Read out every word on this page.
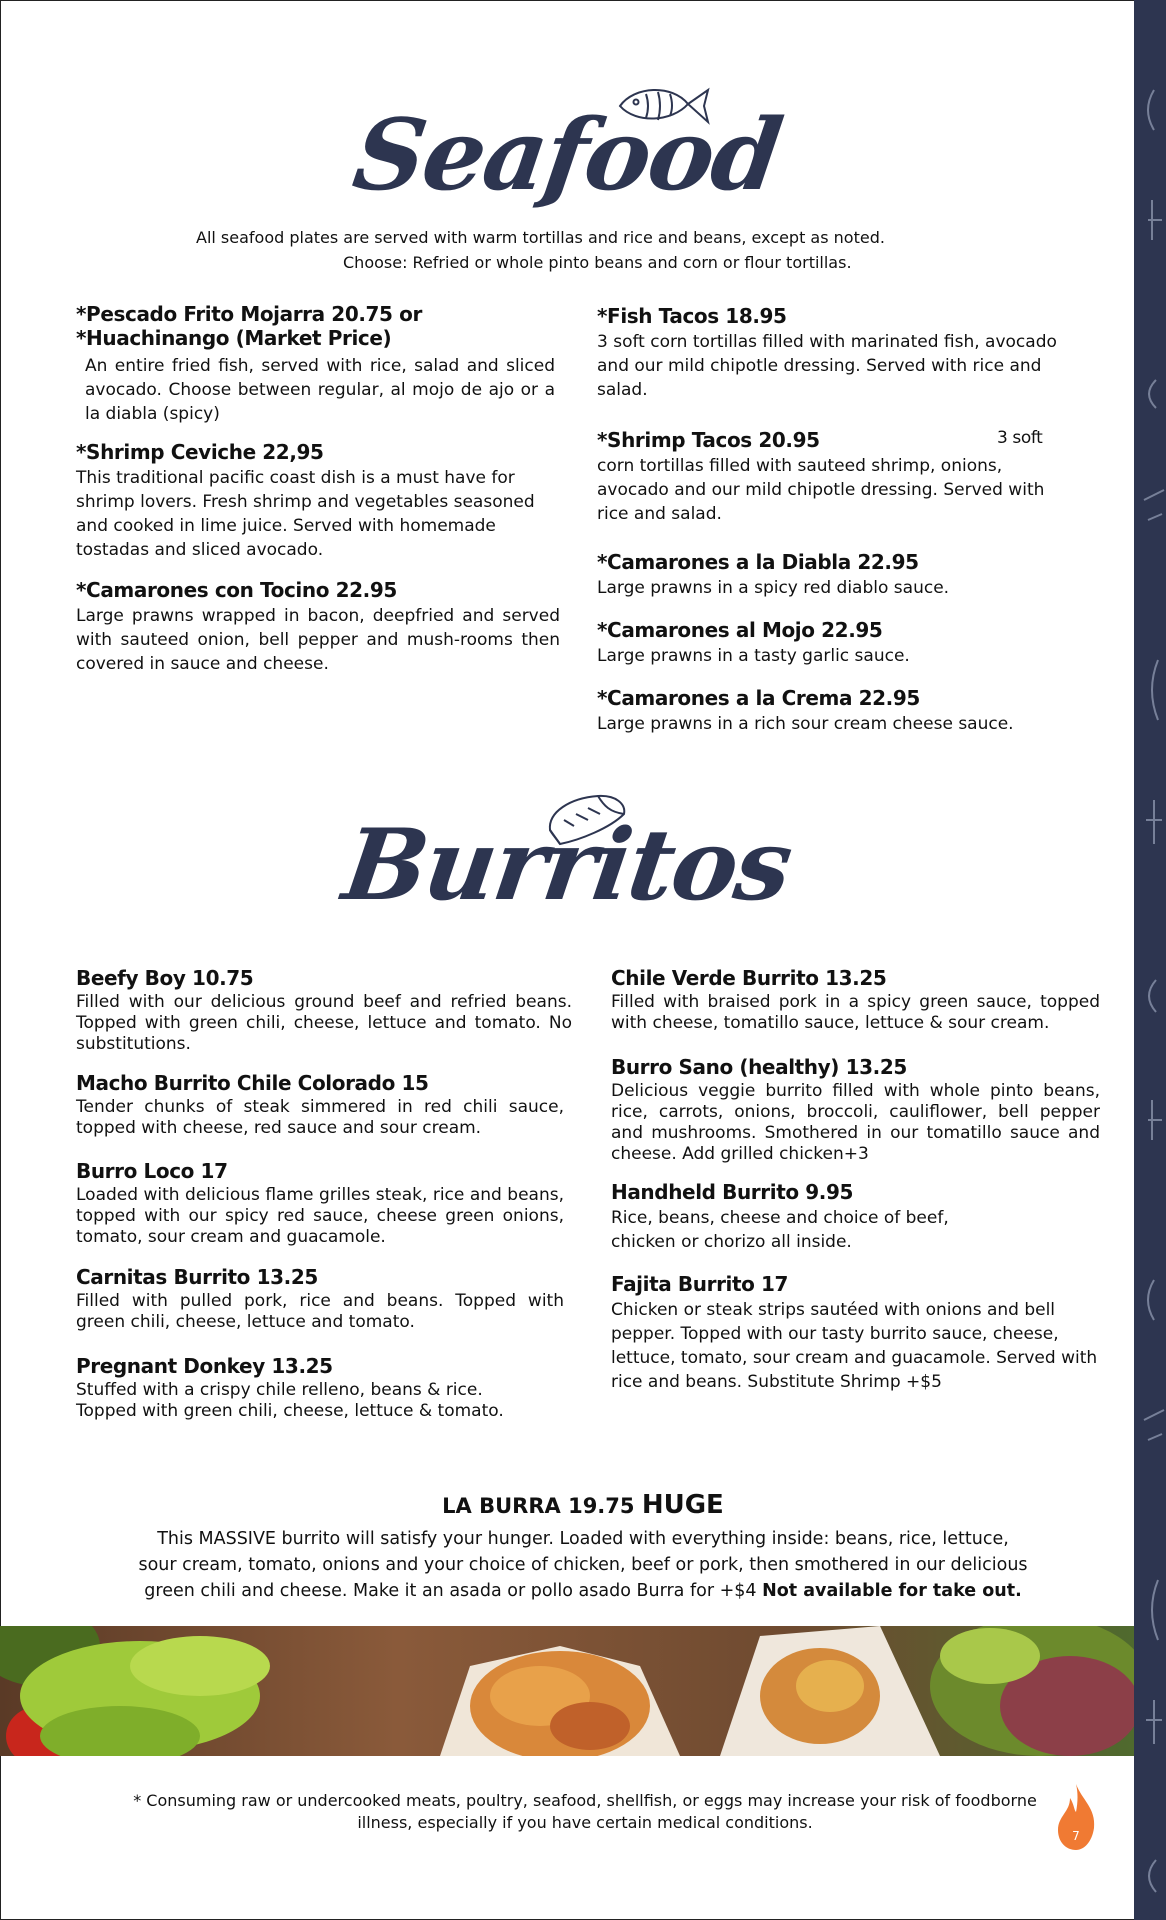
Seafood
All seafood plates are served with warm tortillas and rice and beans, except as noted.
Choose: Refried or whole pinto beans and corn or flour tortillas.
*Pescado Frito Mojarra 20.75 or
*Huachinango (Market Price)

An entire fried fish, served with rice, salad and sliced avocado. Choose between regular, al mojo de ajo or a la diabla (spicy)

*Shrimp Ceviche 22,95

This traditional pacific coast dish is a must have for shrimp lovers. Fresh shrimp and vegetables seasoned and cooked in lime juice. Served with homemade tostadas and sliced avocado.

*Camarones con Tocino 22.95

Large prawns wrapped in bacon, deepfried and served with sauteed onion, bell pepper and mush-rooms then covered in sauce and cheese.

*Fish Tacos 18.95

3 soft corn tortillas filled with marinated fish, avocado and our mild chipotle dressing. Served with rice and salad.

*Shrimp Tacos 20.95	3 soft

corn tortillas filled with sauteed shrimp, onions, avocado and our mild chipotle dressing. Served with rice and salad.

*Camarones a la Diabla 22.95

Large prawns in a spicy red diablo sauce.

*Camarones al Mojo 22.95

Large prawns in a tasty garlic sauce.

*Camarones a la Crema 22.95

Large prawns in a rich sour cream cheese sauce.

Burritos
Beefy Boy 10.75

Filled with our delicious ground beef and refried beans. Topped with green chili, cheese, lettuce and tomato. No substitutions.

Macho Burrito Chile Colorado 15

Tender chunks of steak simmered in red chili sauce, topped with cheese, red sauce and sour cream.

Burro Loco 17

Loaded with delicious flame grilles steak, rice and beans, topped with our spicy red sauce, cheese green onions, tomato, sour cream and guacamole.

Carnitas Burrito 13.25

Filled with pulled pork, rice and beans. Topped with green chili, cheese, lettuce and tomato.

Pregnant Donkey 13.25

Stuffed with a crispy chile relleno, beans & rice. Topped with green chili, cheese, lettuce & tomato.

Chile Verde Burrito 13.25

Filled with braised pork in a spicy green sauce, topped with cheese, tomatillo sauce, lettuce & sour cream.

Burro Sano (healthy) 13.25

Delicious veggie burrito filled with whole pinto beans, rice, carrots, onions, broccoli, cauliflower, bell pepper and mushrooms. Smothered in our tomatillo sauce and cheese. Add grilled chicken+3

Handheld Burrito 9.95

Rice, beans, cheese and choice of beef, chicken or chorizo all inside.

Fajita Burrito 17

Chicken or steak strips sautéed with onions and bell pepper. Topped with our tasty burrito sauce, cheese, lettuce, tomato, sour cream and guacamole. Served with rice and beans. Substitute Shrimp +$5

LA BURRA 19.75 HUGE

This MASSIVE burrito will satisfy your hunger. Loaded with everything inside: beans, rice, lettuce, sour cream, tomato, onions and your choice of chicken, beef or pork, then smothered in our delicious green chili and cheese. Make it an asada or pollo asado Burra for +$4 Not available for take out.

* Consuming raw or undercooked meats, poultry, seafood, shellfish, or eggs may increase your risk of foodborne illness, especially if you have certain medical conditions.
7
